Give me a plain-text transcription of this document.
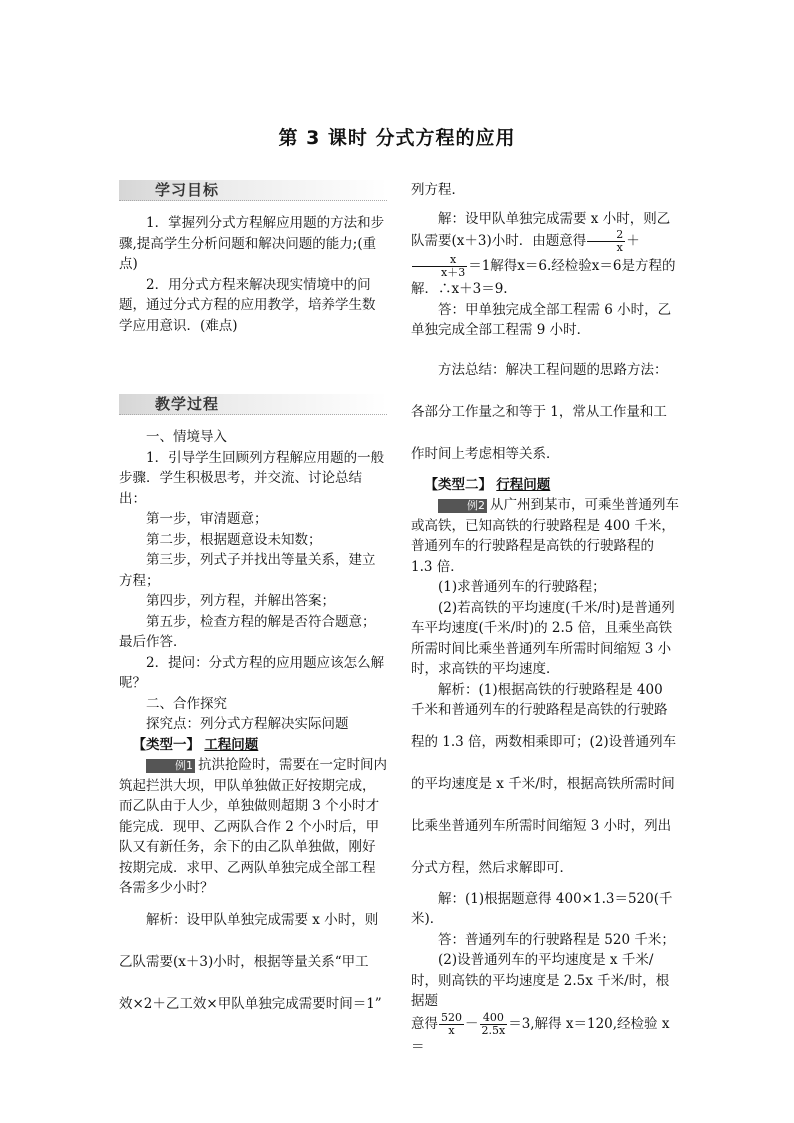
第 3 课时 分式方程的应用
学习目标

1．掌握列分式方程解应用题的方法和步骤,提高学生分析问题和解决问题的能力;(重点)

2．用分式方程来解决现实情境中的问题，通过分式方程的应用教学，培养学生数学应用意识．(难点)

教学过程

一、情境导入

1．引导学生回顾列方程解应用题的一般步骤．学生积极思考，并交流、讨论总结出：

第一步，审清题意；

第二步，根据题意设未知数；

第三步，列式子并找出等量关系，建立方程；

第四步，列方程，并解出答案；

第五步，检查方程的解是否符合题意；最后作答．

2．提问：分式方程的应用题应该怎么解呢？

二、合作探究

探究点：列分式方程解决实际问题

【类型一】 工程问题

例1 抗洪抢险时，需要在一定时间内筑起拦洪大坝，甲队单独做正好按期完成，而乙队由于人少，单独做则超期 3 个小时才能完成．现甲、乙两队合作 2 个小时后，甲队又有新任务，余下的由乙队单独做，刚好按期完成．求甲、乙两队单独完成全部工程各需多少小时？

解析：设甲队单独完成需要 x 小时，则

乙队需要(x＋3)小时，根据等量关系“甲工

效×2＋乙工效×甲队单独完成需要时间＝1”

列方程．

解：设甲队单独完成需要 x 小时，则乙队需要(x＋3)小时．由题意得 $\frac{2}{x}$ ＋
$\frac{x}{x+3} =1$解得x＝6.经检验x＝6是方程的解．∴x＋3＝9.

答：甲单独完成全部工程需 6 小时，乙单独完成全部工程需 9 小时．

方法总结：解决工程问题的思路方法：

各部分工作量之和等于 1，常从工作量和工

作时间上考虑相等关系．

【类型二】 行程问题

例2 从广州到某市，可乘坐普通列车或高铁，已知高铁的行驶路程是 400 千米，普通列车的行驶路程是高铁的行驶路程的 1.3 倍．

(1)求普通列车的行驶路程；

(2)若高铁的平均速度(千米/时)是普通列车平均速度(千米/时)的 2.5 倍，且乘坐高铁所需时间比乘坐普通列车所需时间缩短 3 小时，求高铁的平均速度．

解析：(1)根据高铁的行驶路程是 400 千米和普通列车的行驶路程是高铁的行驶路

程的 1.3 倍，两数相乘即可；(2)设普通列车

的平均速度是 x 千米/时，根据高铁所需时间

比乘坐普通列车所需时间缩短 3 小时，列出

分式方程，然后求解即可．

解：(1)根据题意得 400×1.3＝520(千米)．

答：普通列车的行驶路程是 520 千米；

(2)设普通列车的平均速度是 x 千米/时，则高铁的平均速度是 2.5x 千米/时，根据题

意得 $\frac{520}{x} - \frac{400}{2.5x} =3$,解得 x＝120,经检验 x＝
